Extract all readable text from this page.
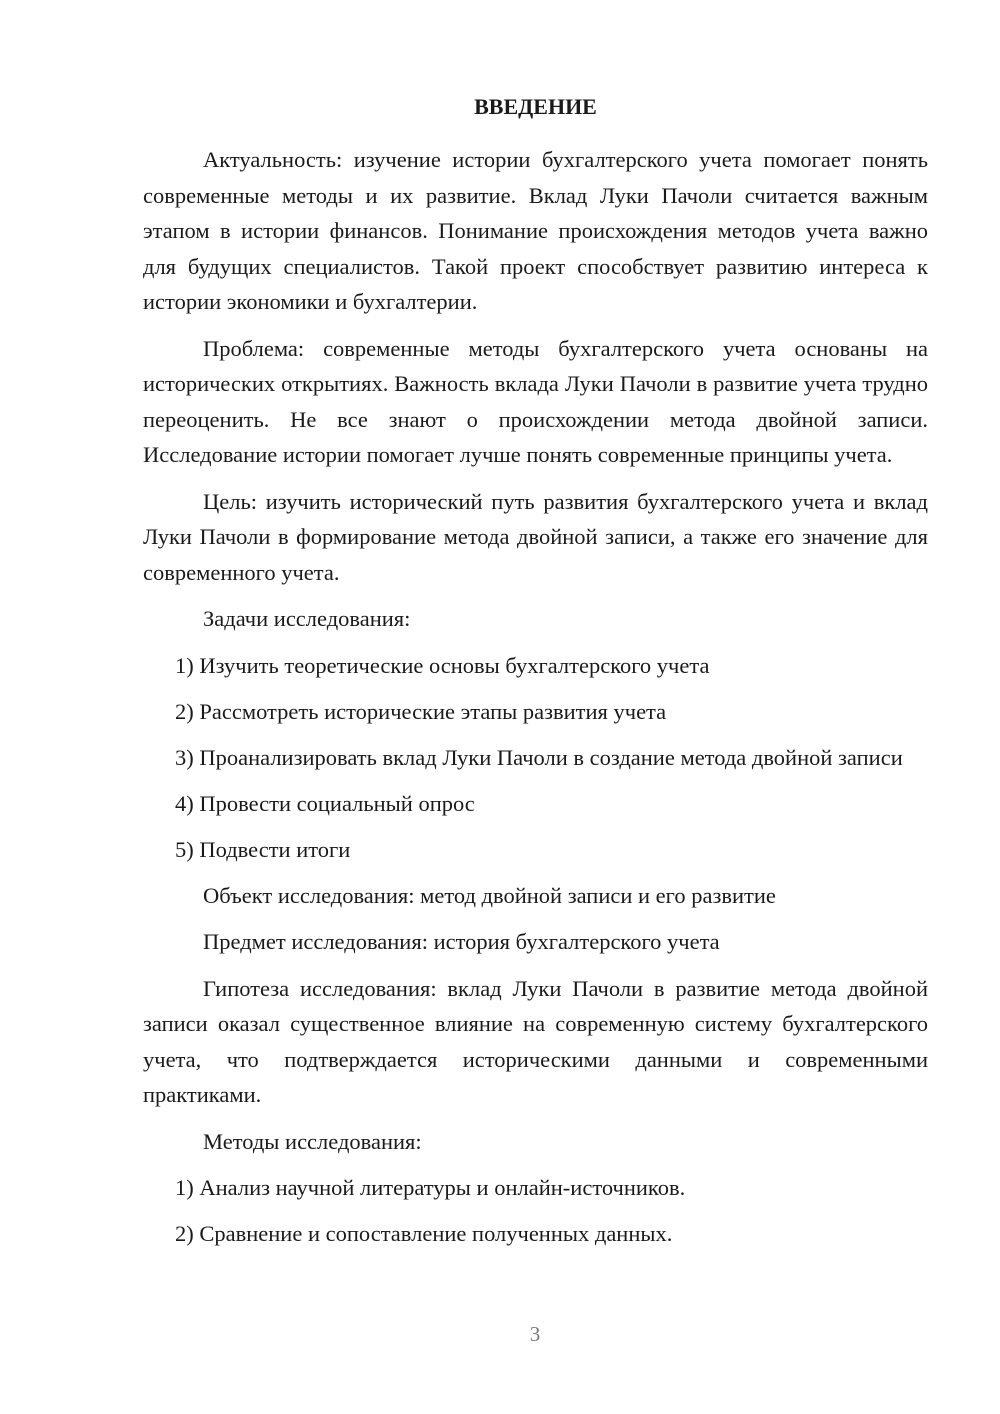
ВВЕДЕНИЕ

Актуальность: изучение истории бухгалтерского учета помогает понять современные методы и их развитие. Вклад Луки Пачоли считается важным этапом в истории финансов. Понимание происхождения методов учета важно для будущих специалистов. Такой проект способствует развитию интереса к истории экономики и бухгалтерии.

Проблема: современные методы бухгалтерского учета основаны на исторических открытиях. Важность вклада Луки Пачоли в развитие учета трудно переоценить. Не все знают о происхождении метода двойной записи. Исследование истории помогает лучше понять современные принципы учета.

Цель: изучить исторический путь развития бухгалтерского учета и вклад Луки Пачоли в формирование метода двойной записи, а также его значение для современного учета.

Задачи исследования:

1) Изучить теоретические основы бухгалтерского учета

2) Рассмотреть исторические этапы развития учета

3) Проанализировать вклад Луки Пачоли в создание метода двойной записи

4) Провести социальный опрос

5) Подвести итоги

Объект исследования: метод двойной записи и его развитие

Предмет исследования: история бухгалтерского учета

Гипотеза исследования: вклад Луки Пачоли в развитие метода двойной записи оказал существенное влияние на современную систему бухгалтерского учета, что подтверждается историческими данными и современными практиками.

Методы исследования:

1) Анализ научной литературы и онлайн-источников.

2) Сравнение и сопоставление полученных данных.

3
